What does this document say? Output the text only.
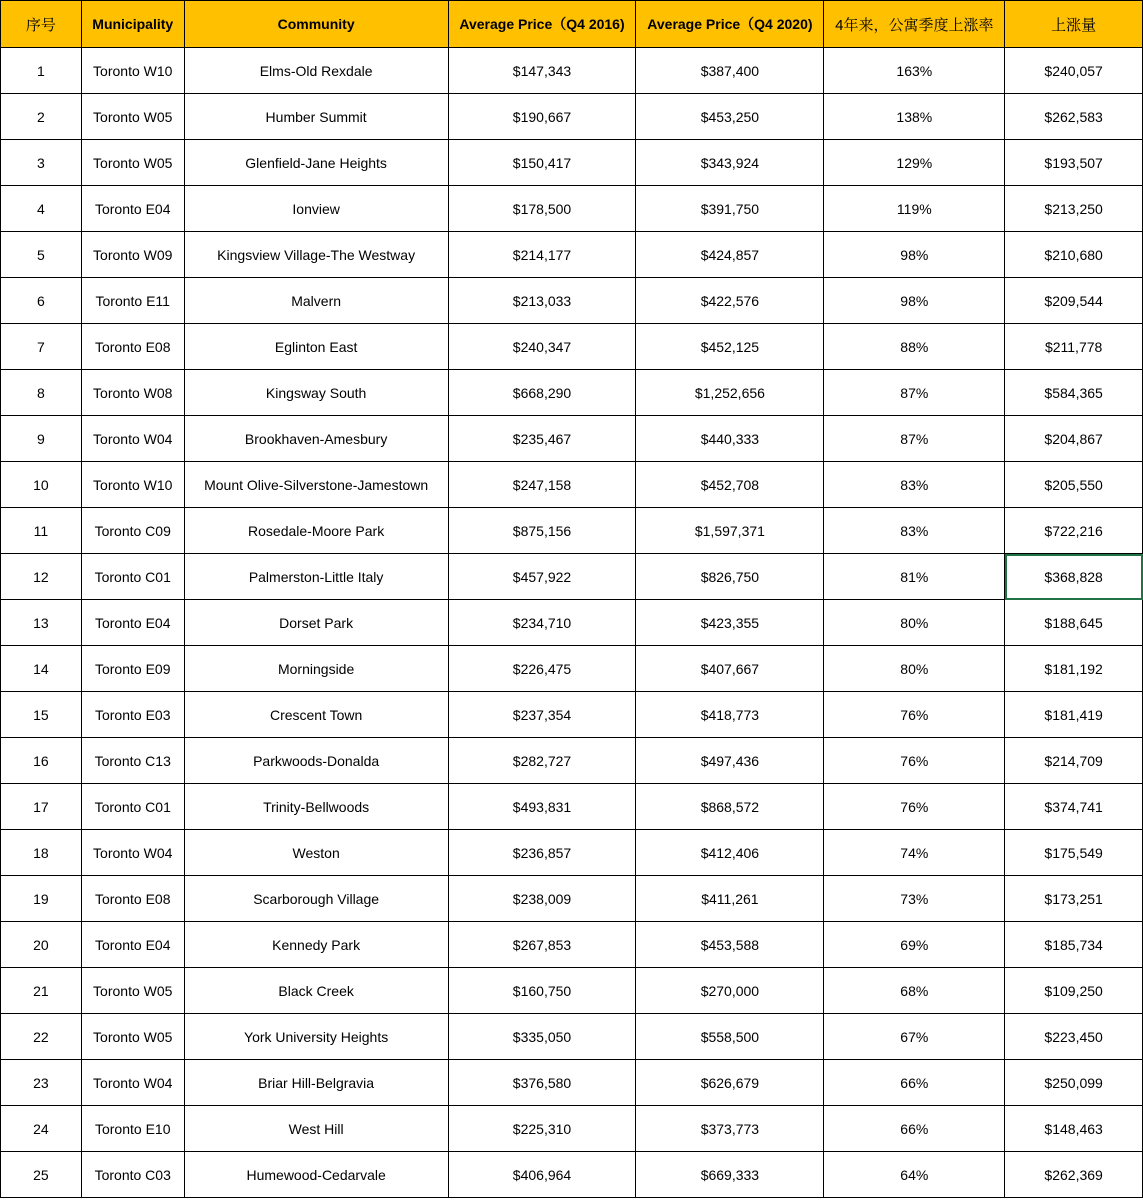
序号	Municipality	Community	Average Price（Q4 2016)	Average Price（Q4 2020)	4年来，公寓季度上涨率	上涨量
1	Toronto W10	Elms-Old Rexdale	$147,343	$387,400	163%	$240,057
2	Toronto W05	Humber Summit	$190,667	$453,250	138%	$262,583
3	Toronto W05	Glenfield-Jane Heights	$150,417	$343,924	129%	$193,507
4	Toronto E04	Ionview	$178,500	$391,750	119%	$213,250
5	Toronto W09	Kingsview Village-The Westway	$214,177	$424,857	98%	$210,680
6	Toronto E11	Malvern	$213,033	$422,576	98%	$209,544
7	Toronto E08	Eglinton East	$240,347	$452,125	88%	$211,778
8	Toronto W08	Kingsway South	$668,290	$1,252,656	87%	$584,365
9	Toronto W04	Brookhaven-Amesbury	$235,467	$440,333	87%	$204,867
10	Toronto W10	Mount Olive-Silverstone-Jamestown	$247,158	$452,708	83%	$205,550
11	Toronto C09	Rosedale-Moore Park	$875,156	$1,597,371	83%	$722,216
12	Toronto C01	Palmerston-Little Italy	$457,922	$826,750	81%	$368,828
13	Toronto E04	Dorset Park	$234,710	$423,355	80%	$188,645
14	Toronto E09	Morningside	$226,475	$407,667	80%	$181,192
15	Toronto E03	Crescent Town	$237,354	$418,773	76%	$181,419
16	Toronto C13	Parkwoods-Donalda	$282,727	$497,436	76%	$214,709
17	Toronto C01	Trinity-Bellwoods	$493,831	$868,572	76%	$374,741
18	Toronto W04	Weston	$236,857	$412,406	74%	$175,549
19	Toronto E08	Scarborough Village	$238,009	$411,261	73%	$173,251
20	Toronto E04	Kennedy Park	$267,853	$453,588	69%	$185,734
21	Toronto W05	Black Creek	$160,750	$270,000	68%	$109,250
22	Toronto W05	York University Heights	$335,050	$558,500	67%	$223,450
23	Toronto W04	Briar Hill-Belgravia	$376,580	$626,679	66%	$250,099
24	Toronto E10	West Hill	$225,310	$373,773	66%	$148,463
25	Toronto C03	Humewood-Cedarvale	$406,964	$669,333	64%	$262,369
